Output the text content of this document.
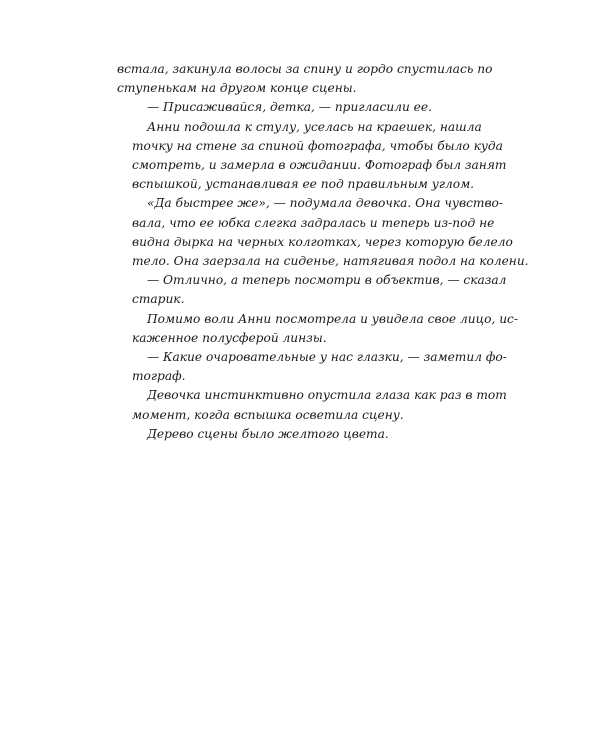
встала, закинула волосы за спину и гордо спустилась по
ступенькам на другом конце сцены.

— Присаживайся, детка, — пригласили ее.

Анни подошла к стулу, уселась на краешек, нашла
точку на стене за спиной фотографа, чтобы было куда
смотреть, и замерла в ожидании. Фотограф был занят
вспышкой, устанавливая ее под правильным углом.

«Да быстрее же», — подумала девочка. Она чувство-
вала, что ее юбка слегка задралась и теперь из-под не
видна дырка на черных колготках, через которую белело
тело. Она заерзала на сиденье, натягивая подол на колени.

— Отлично, а теперь посмотри в объектив, — сказал
старик.

Помимо воли Анни посмотрела и увидела свое лицо, ис-
каженное полусферой линзы.

— Какие очаровательные у нас глазки, — заметил фо-
тограф.

Девочка инстинктивно опустила глаза как раз в тот
момент, когда вспышка осветила сцену.

Дерево сцены было желтого цвета.
